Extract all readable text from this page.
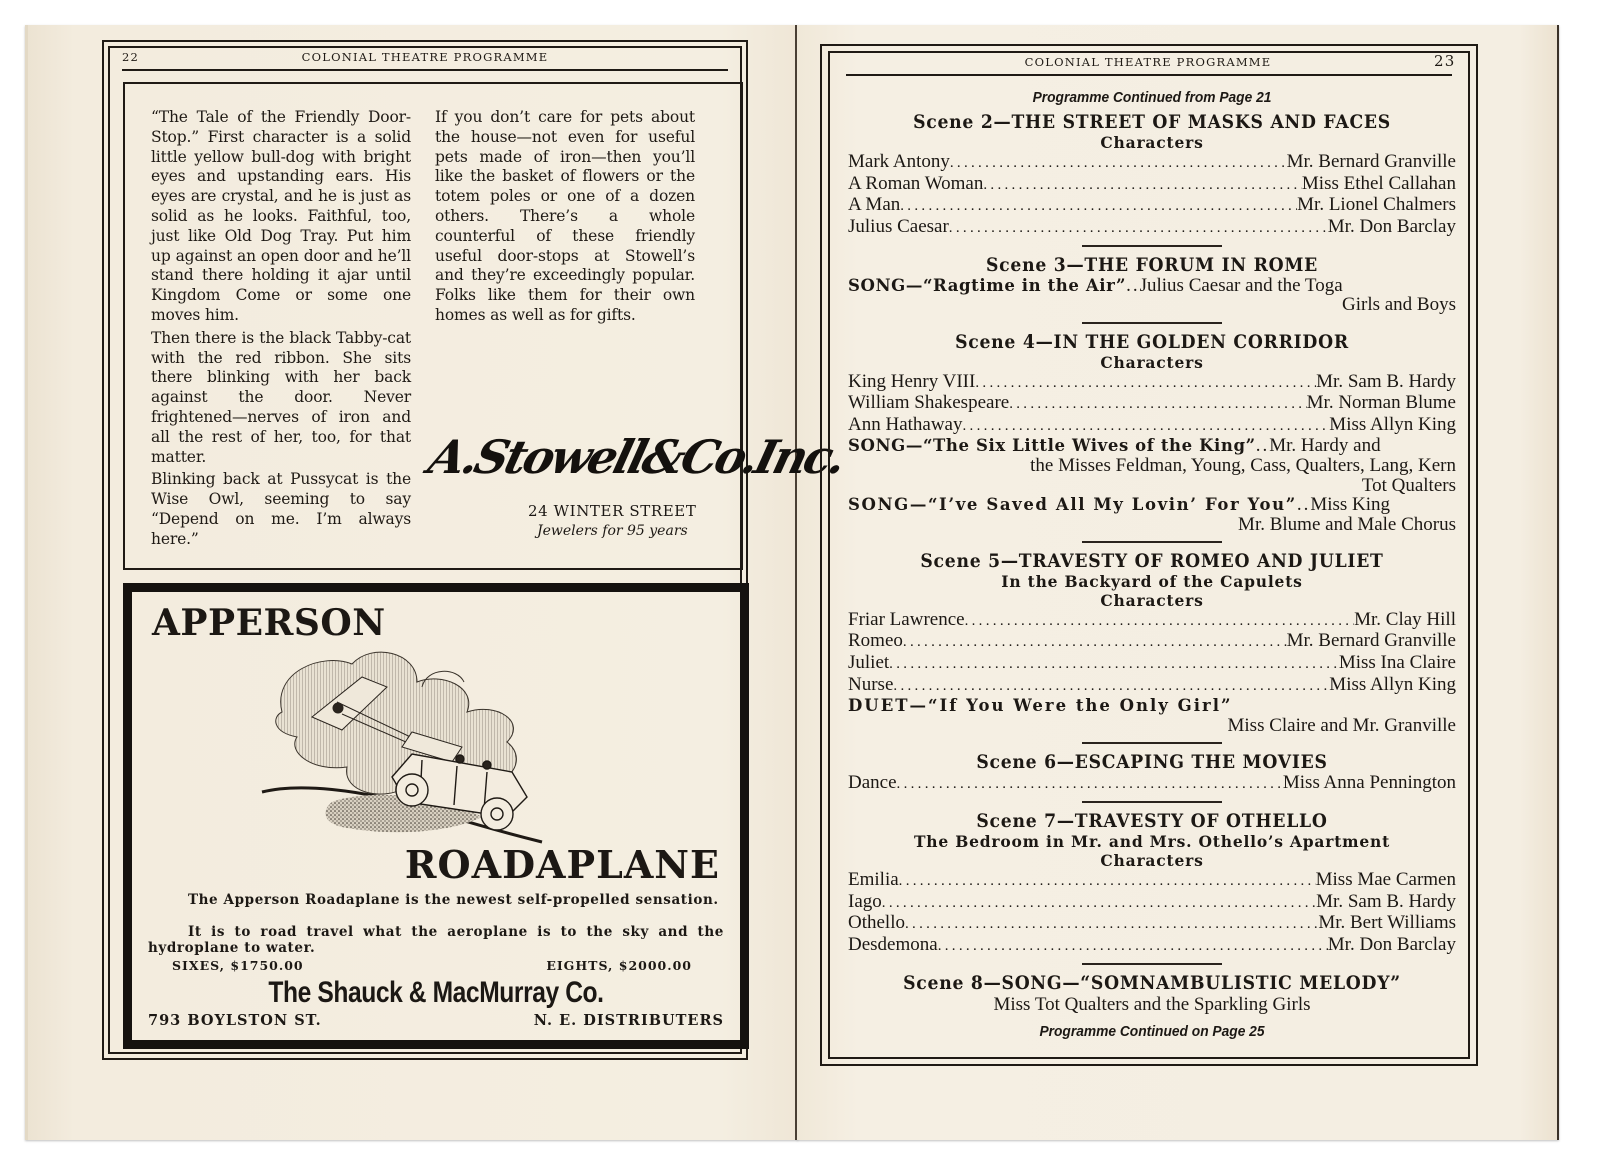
22	COLONIAL THEATRE PROGRAMME

“The Tale of the Friendly Door-Stop.” First character is a solid little yellow bull-dog with bright eyes and upstanding ears. His eyes are crystal, and he is just as solid as he looks. Faithful, too, just like Old Dog Tray. Put him up against an open door and he’ll stand there holding it ajar until Kingdom Come or some one moves him.

Then there is the black Tabby-cat with the red ribbon. She sits there blinking with her back against the door. Never frightened—nerves of iron and all the rest of her, too, for that matter.

Blinking back at Pussycat is the Wise Owl, seeming to say “Depend on me. I’m always here.”

If you don’t care for pets about the house—not even for useful pets made of iron—then you’ll like the basket of flowers or the totem poles or one of a dozen others. There’s a whole counterful of these friendly useful door-stops at Stowell’s and they’re exceedingly popular. Folks like them for their own homes as well as for gifts.

A.Stowell&Co.Inc.
24 WINTER STREET
Jewelers for 95 years
APPERSON
ROADAPLANE
The Apperson Roadaplane is the newest self-propelled sensation.
It is to road travel what the aeroplane is to the sky and the hydroplane to water.
SIXES, $1750.00	EIGHTS, $2000.00
The Shauck & MacMurray Co.
793 BOYLSTON ST.	N. E. DISTRIBUTERS
COLONIAL THEATRE PROGRAMME	23
Programme Continued from Page 21
Scene 2—THE STREET OF MASKS AND FACES
Characters
Mark Antony .....	Mr. Bernard Granville
A Roman Woman .....	Miss Ethel Callahan
A Man .....	Mr. Lionel Chalmers
Julius Caesar .....	Mr. Don Barclay
Scene 3—THE FORUM IN ROME
SONG—“Ragtime in the Air” .. Julius Caesar and the Toga
Girls and Boys
Scene 4—IN THE GOLDEN CORRIDOR
Characters
King Henry VIII .....	Mr. Sam B. Hardy
William Shakespeare .....	Mr. Norman Blume
Ann Hathaway .....	Miss Allyn King
SONG—“The Six Little Wives of the King” .. Mr. Hardy and
the Misses Feldman, Young, Cass, Qualters, Lang, Kern
Tot Qualters
SONG—“I’ve Saved All My Lovin’ For You” .. Miss King
Mr. Blume and Male Chorus
Scene 5—TRAVESTY OF ROMEO AND JULIET
In the Backyard of the Capulets
Characters
Friar Lawrence .....	Mr. Clay Hill
Romeo .....	Mr. Bernard Granville
Juliet .....	Miss Ina Claire
Nurse .....	Miss Allyn King
DUET—“If You Were the Only Girl”
Miss Claire and Mr. Granville
Scene 6—ESCAPING THE MOVIES
Dance .....	Miss Anna Pennington
Scene 7—TRAVESTY OF OTHELLO
The Bedroom in Mr. and Mrs. Othello’s Apartment
Characters
Emilia .....	Miss Mae Carmen
Iago .....	Mr. Sam B. Hardy
Othello .....	Mr. Bert Williams
Desdemona .....	Mr. Don Barclay
Scene 8—SONG—“SOMNAMBULISTIC MELODY”
Miss Tot Qualters and the Sparkling Girls
Programme Continued on Page 25
